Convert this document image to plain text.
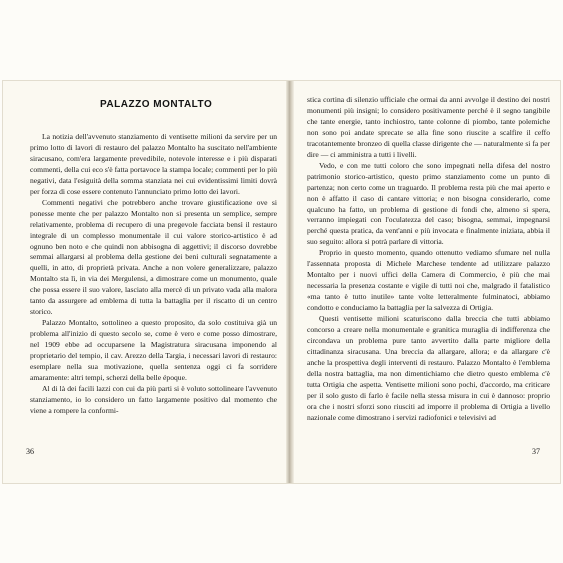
PALAZZO MONTALTO

La notizia dell'avvenuto stanziamento di ventisette milioni da servire per un primo lotto di lavori di restauro del palazzo Montalto ha suscitato nell'ambiente siracusano, com'era largamente prevedibile, notevole interesse e i più disparati commenti, della cui eco s'è fatta portavoce la stampa locale; commenti per lo più negativi, data l'esiguità della somma stanziata nei cui evidentissimi limiti dovrà per forza di cose essere contenuto l'annunciato primo lotto dei lavori.

Commenti negativi che potrebbero anche trovare giustificazione ove si ponesse mente che per palazzo Montalto non si presenta un semplice, sempre relativamente, problema di recupero di una pregevole facciata bensì il restauro integrale di un complesso monumentale il cui valore storico-artistico è ad ognuno ben noto e che quindi non abbisogna di aggettivi; il discorso dovrebbe semmai allargarsi al problema della gestione dei beni culturali segnatamente a quelli, in atto, di proprietà privata. Anche a non volere generalizzare, palazzo Montalto sta lì, in via dei Mergulensi, a dimostrare come un monumento, quale che possa essere il suo valore, lasciato alla mercè di un privato vada alla malora tanto da assurgere ad emblema di tutta la battaglia per il riscatto di un centro storico.

Palazzo Montalto, sottolineo a questo proposito, da solo costituiva già un problema all'inizio di questo secolo se, come è vero e come posso dimostrare, nel 1909 ebbe ad occuparsene la Magistratura siracusana imponendo al proprietario del tempio, il cav. Arezzo della Targia, i necessari lavori di restauro: esemplare nella sua motivazione, quella sentenza oggi ci fa sorridere amaramente: altri tempi, scherzi della belle époque.

Al di là dei facili lazzi con cui da più parti si è voluto sottolineare l'avvenuto stanziamento, io lo considero un fatto largamente positivo dal momento che viene a rompere la conformi-

stica cortina di silenzio ufficiale che ormai da anni avvolge il destino dei nostri monumenti più insigni; lo considero positivamente perché è il segno tangibile che tante energie, tanto inchiostro, tante colonne di piombo, tante polemiche non sono poi andate sprecate se alla fine sono riuscite a scalfire il ceffo tracotantemente bronzeo di quella classe dirigente che — naturalmente si fa per dire — ci amministra a tutti i livelli.

Vedo, e con me tutti coloro che sono impegnati nella difesa del nostro patrimonio storico-artistico, questo primo stanziamento come un punto di partenza; non certo come un traguardo. Il problema resta più che mai aperto e non è affatto il caso di cantare vittoria; e non bisogna considerarlo, come qualcuno ha fatto, un problema di gestione di fondi che, almeno si spera, verranno impiegati con l'oculatezza del caso; bisogna, semmai, impegnarsi perché questa pratica, da vent'anni e più invocata e finalmente iniziata, abbia il suo seguito: allora si potrà parlare di vittoria.

Proprio in questo momento, quando ottenutto vediamo sfumare nel nulla l'assennata proposta di Michele Marchese tendente ad utilizzare palazzo Montalto per i nuovi uffici della Camera di Commercio, è più che mai necessaria la presenza costante e vigile di tutti noi che, malgrado il fatalistico «ma tanto è tutto inutile» tante volte letteralmente fulminatoci, abbiamo condotto e conduciamo la battaglia per la salvezza di Ortigia.

Questi ventisette milioni scaturiscono dalla breccia che tutti abbiamo concorso a creare nella monumentale e granitica muraglia di indifferenza che circondava un problema pure tanto avvertito dalla parte migliore della cittadinanza siracusana. Una breccia da allargare, allora; e da allargare c'è anche la prospettiva degli interventi di restauro. Palazzo Montalto è l'emblema della nostra battaglia, ma non dimentichiamo che dietro questo emblema c'è tutta Ortigia che aspetta. Ventisette milioni sono pochi, d'accordo, ma criticare per il solo gusto di farlo è facile nella stessa misura in cui è dannoso: proprio ora che i nostri sforzi sono riusciti ad imporre il problema di Ortigia a livello nazionale come dimostrano i servizi radiofonici e televisivi ad

36	37
